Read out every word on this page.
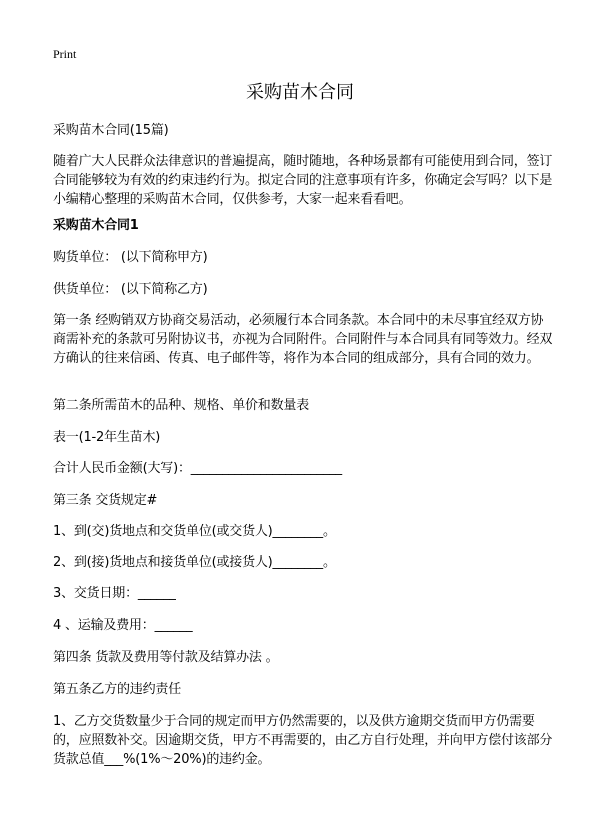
Print
采购苗木合同

采购苗木合同(15篇)

随着广大人民群众法律意识的普遍提高，随时随地，各种场景都有可能使用到合同，签订合同能够较为有效的约束违约行为。拟定合同的注意事项有许多，你确定会写吗？以下是小编精心整理的采购苗木合同，仅供参考，大家一起来看看吧。

采购苗木合同1

购货单位： (以下简称甲方)

供货单位： (以下简称乙方)

第一条 经购销双方协商交易活动，必须履行本合同条款。本合同中的未尽事宜经双方协商需补充的条款可另附协议书，亦视为合同附件。合同附件与本合同具有同等效力。经双方确认的往来信函、传真、电子邮件等，将作为本合同的组成部分，具有合同的效力。

第二条所需苗木的品种、规格、单价和数量表

表一(1-2年生苗木)

合计人民币金额(大写)：________________________

第三条 交货规定#

1、到(交)货地点和交货单位(或交货人)________。

2、到(接)货地点和接货单位(或接货人)________。

3、交货日期：______

4 、运输及费用：______

第四条 货款及费用等付款及结算办法 。

第五条乙方的违约责任

1、乙方交货数量少于合同的规定而甲方仍然需要的，以及供方逾期交货而甲方仍需要的，应照数补交。因逾期交货，甲方不再需要的，由乙方自行处理，并向甲方偿付该部分货款总值___%(1%～20%)的违约金。
